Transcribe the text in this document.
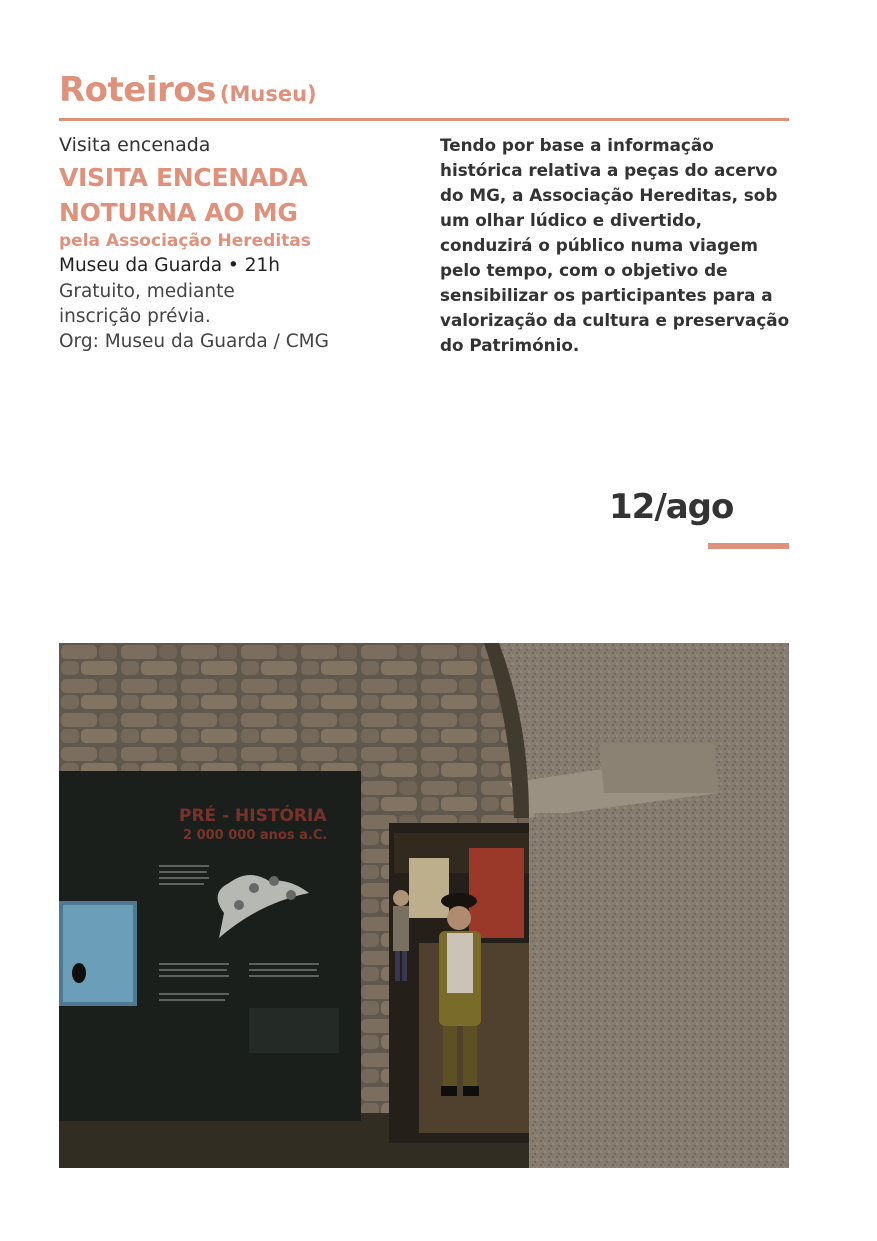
Roteiros (Museu)
Visita encenada
VISITA ENCENADA
NOTURNA AO MG
pela Associação Hereditas
Museu da Guarda • 21h
Gratuito, mediante
inscrição prévia.
Org: Museu da Guarda / CMG

Tendo por base a informação histórica relativa a peças do acervo do MG, a Associação Hereditas, sob um olhar lúdico e divertido, conduzirá o público numa viagem pelo tempo, com o objetivo de sensibilizar os participantes para a valorização da cultura e preservação do Património.

12/ago
PRÉ - HISTÓRIA
2 000 000 anos a.C.
